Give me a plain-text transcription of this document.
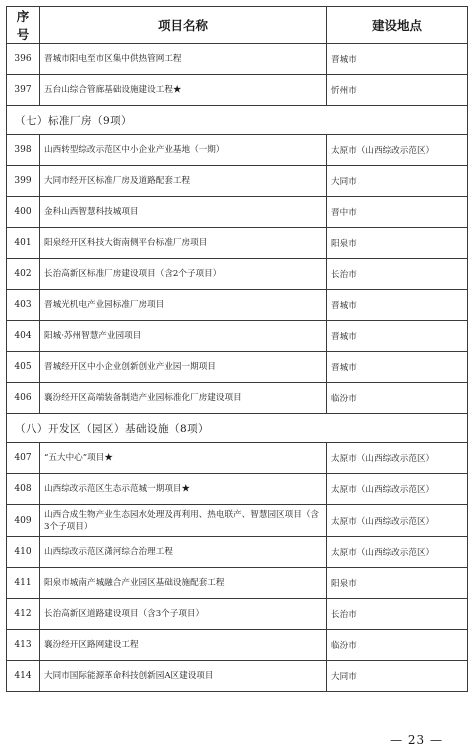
序号	项目名称	建设地点
396	晋城市阳电至市区集中供热管网工程	晋城市
397	五台山综合管廊基础设施建设工程★	忻州市
（七）标准厂房（9项）		
398	山西转型综改示范区中小企业产业基地（一期）	太原市（山西综改示范区）
399	大同市经开区标准厂房及道路配套工程	大同市
400	金科山西智慧科技城项目	晋中市
401	阳泉经开区科技大街南侧平台标准厂房项目	阳泉市
402	长治高新区标准厂房建设项目（含2个子项目）	长治市
403	晋城光机电产业园标准厂房项目	晋城市
404	阳城·苏州智慧产业园项目	晋城市
405	晋城经开区中小企业创新创业产业园一期项目	晋城市
406	襄汾经开区高端装备制造产业园标准化厂房建设项目	临汾市
（八）开发区（园区）基础设施（8项）		
407	“五大中心”项目★	太原市（山西综改示范区）
408	山西综改示范区生态示范城一期项目★	太原市（山西综改示范区）
409	山西合成生物产业生态园水处理及再利用、热电联产、智慧园区项目（含3个子项目）	太原市（山西综改示范区）
410	山西综改示范区潇河综合治理工程	太原市（山西综改示范区）
411	阳泉市城南产城融合产业园区基础设施配套工程	阳泉市
412	长治高新区道路建设项目（含3个子项目）	长治市
413	襄汾经开区路网建设工程	临汾市
414	大同市国际能源革命科技创新园A区建设项目	大同市
— 23 —
